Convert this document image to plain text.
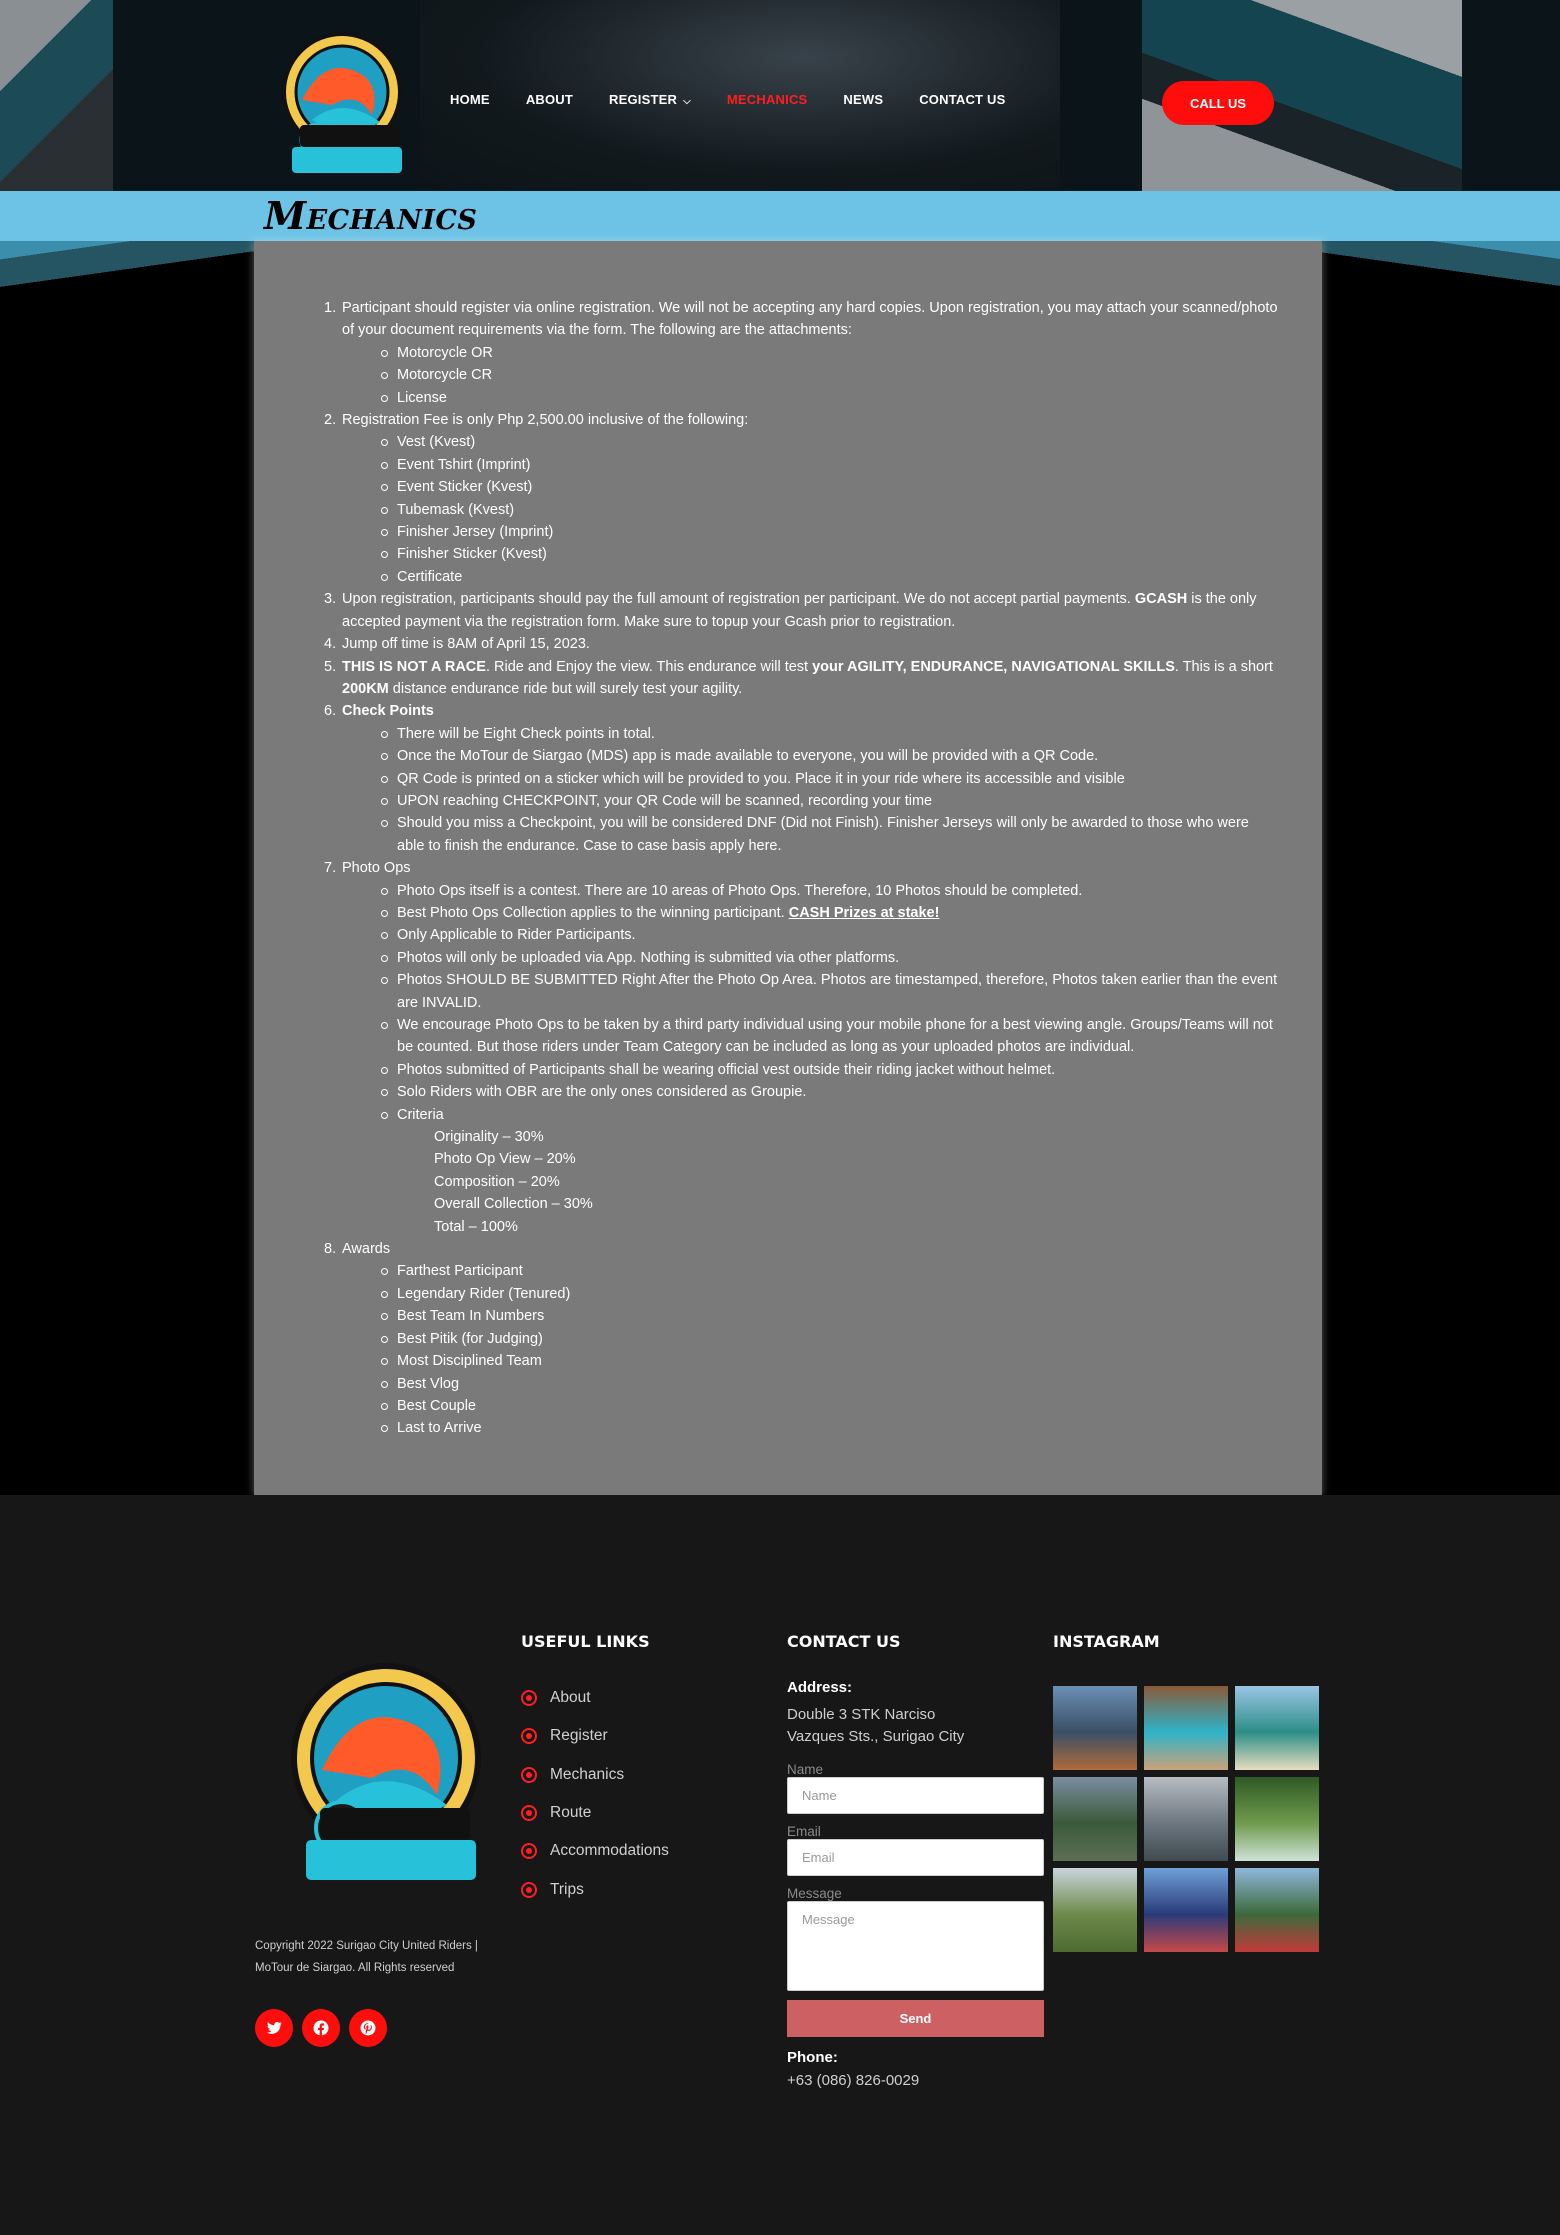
HOME	ABOUT	REGISTER ⌵	MECHANICS	NEWS	CONTACT US	CALL US
Mechanics
1. Participant should register via online registration. We will not be accepting any hard copies. Upon registration, you may attach your scanned/photo of your document requirements via the form. The following are the attachments:
Motorcycle OR
Motorcycle CR
License
2. Registration Fee is only Php 2,500.00 inclusive of the following:
Vest (Kvest)
Event Tshirt (Imprint)
Event Sticker (Kvest)
Tubemask (Kvest)
Finisher Jersey (Imprint)
Finisher Sticker (Kvest)
Certificate
3. Upon registration, participants should pay the full amount of registration per participant. We do not accept partial payments. GCASH is the only accepted payment via the registration form. Make sure to topup your Gcash prior to registration.
4. Jump off time is 8AM of April 15, 2023.
5. THIS IS NOT A RACE. Ride and Enjoy the view. This endurance will test your AGILITY, ENDURANCE, NAVIGATIONAL SKILLS. This is a short 200KM distance endurance ride but will surely test your agility.
6. Check Points
There will be Eight Check points in total.
Once the MoTour de Siargao (MDS) app is made available to everyone, you will be provided with a QR Code.
QR Code is printed on a sticker which will be provided to you. Place it in your ride where its accessible and visible
UPON reaching CHECKPOINT, your QR Code will be scanned, recording your time
Should you miss a Checkpoint, you will be considered DNF (Did not Finish). Finisher Jerseys will only be awarded to those who were able to finish the endurance. Case to case basis apply here.
7. Photo Ops
Photo Ops itself is a contest. There are 10 areas of Photo Ops. Therefore, 10 Photos should be completed.
Best Photo Ops Collection applies to the winning participant. CASH Prizes at stake!
Only Applicable to Rider Participants.
Photos will only be uploaded via App. Nothing is submitted via other platforms.
Photos SHOULD BE SUBMITTED Right After the Photo Op Area. Photos are timestamped, therefore, Photos taken earlier than the event are INVALID.
We encourage Photo Ops to be taken by a third party individual using your mobile phone for a best viewing angle. Groups/Teams will not be counted. But those riders under Team Category can be included as long as your uploaded photos are individual.
Photos submitted of Participants shall be wearing official vest outside their riding jacket without helmet.
Solo Riders with OBR are the only ones considered as Groupie.
Criteria
Originality – 30%
Photo Op View – 20%
Composition – 20%
Overall Collection – 30%
Total – 100%
8. Awards
Farthest Participant
Legendary Rider (Tenured)
Best Team In Numbers
Best Pitik (for Judging)
Most Disciplined Team
Best Vlog
Best Couple
Last to Arrive
Copyright 2022 Surigao City United Riders | MoTour de Siargao. All Rights reserved
USEFUL LINKS
About
Register
Mechanics
Route
Accommodations
Trips
CONTACT US
Address:
Double 3 STK Narciso
Vazques Sts., Surigao City
Name
Name
Email
Email
Message
Message
Send
Phone:
+63 (086) 826-0029
INSTAGRAM
